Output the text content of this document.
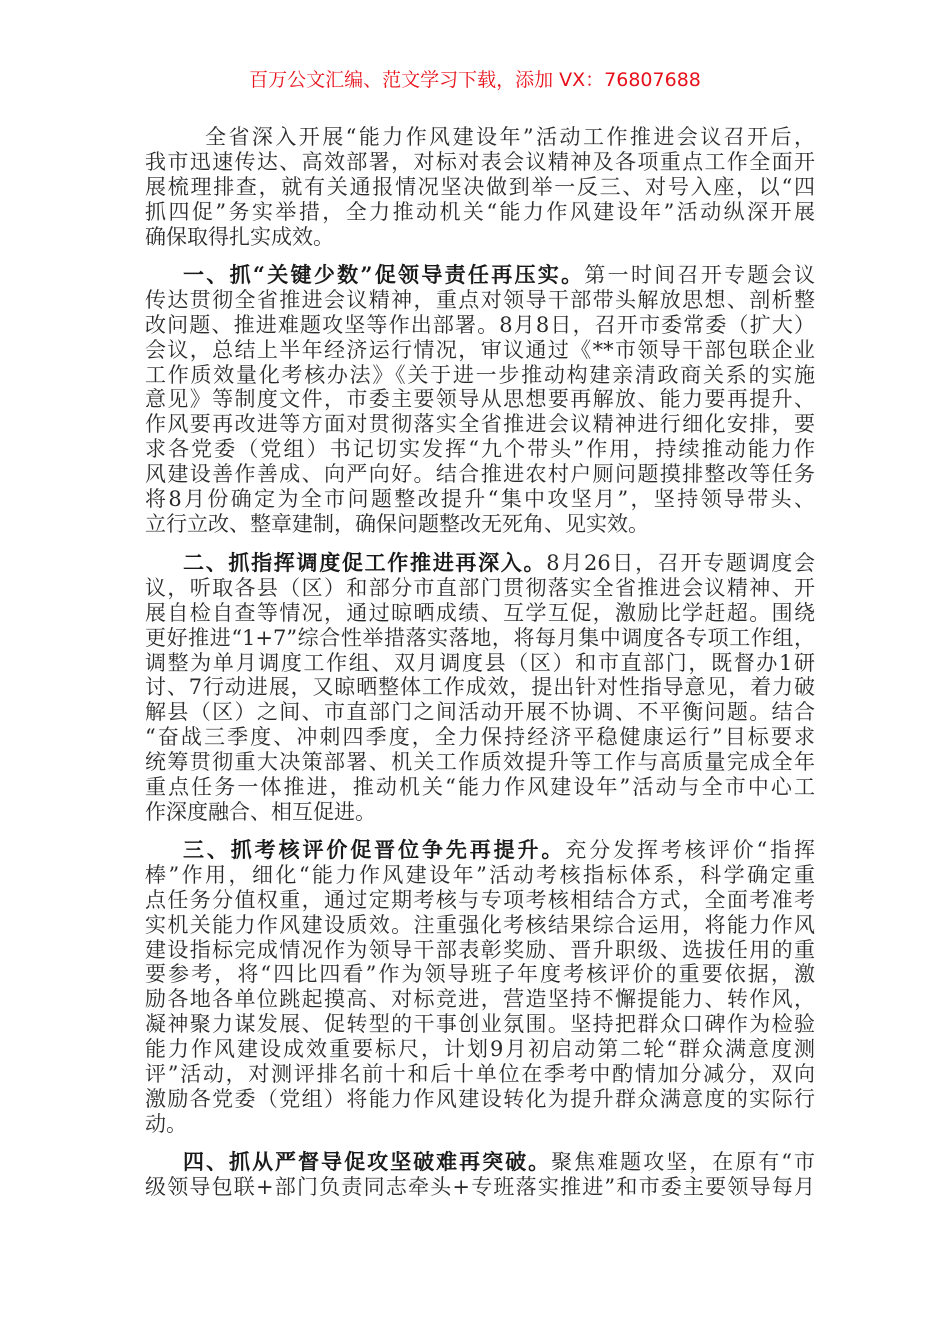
百万公文汇编、范文学习下载，添加 VX：76807688
全省深入开展“能力作风建设年”活动工作推进会议召开后，
我市迅速传达、高效部署，对标对表会议精神及各项重点工作全面开
展梳理排查，就有关通报情况坚决做到举一反三、对号入座，以“四
抓四促”务实举措，全力推动机关“能力作风建设年”活动纵深开展
确保取得扎实成效。
一、抓“关键少数”促领导责任再压实。第一时间召开专题会议
传达贯彻全省推进会议精神，重点对领导干部带头解放思想、剖析整
改问题、推进难题攻坚等作出部署。8月8日，召开市委常委（扩大）
会议，总结上半年经济运行情况，审议通过《**市领导干部包联企业
工作质效量化考核办法》《关于进一步推动构建亲清政商关系的实施
意见》等制度文件，市委主要领导从思想要再解放、能力要再提升、
作风要再改进等方面对贯彻落实全省推进会议精神进行细化安排，要
求各党委（党组）书记切实发挥“九个带头”作用，持续推动能力作
风建设善作善成、向严向好。结合推进农村户厕问题摸排整改等任务
将8月份确定为全市问题整改提升“集中攻坚月”，坚持领导带头、
立行立改、整章建制，确保问题整改无死角、见实效。
二、抓指挥调度促工作推进再深入。8月26日，召开专题调度会
议，听取各县（区）和部分市直部门贯彻落实全省推进会议精神、开
展自检自查等情况，通过晾晒成绩、互学互促，激励比学赶超。围绕
更好推进“1+7”综合性举措落实落地，将每月集中调度各专项工作组，
调整为单月调度工作组、双月调度县（区）和市直部门，既督办1研
讨、7行动进展，又晾晒整体工作成效，提出针对性指导意见，着力破
解县（区）之间、市直部门之间活动开展不协调、不平衡问题。结合
“奋战三季度、冲刺四季度，全力保持经济平稳健康运行”目标要求
统筹贯彻重大决策部署、机关工作质效提升等工作与高质量完成全年
重点任务一体推进，推动机关“能力作风建设年”活动与全市中心工
作深度融合、相互促进。
三、抓考核评价促晋位争先再提升。充分发挥考核评价“指挥
棒”作用，细化“能力作风建设年”活动考核指标体系，科学确定重
点任务分值权重，通过定期考核与专项考核相结合方式，全面考准考
实机关能力作风建设质效。注重强化考核结果综合运用，将能力作风
建设指标完成情况作为领导干部表彰奖励、晋升职级、选拔任用的重
要参考，将“四比四看”作为领导班子年度考核评价的重要依据，激
励各地各单位跳起摸高、对标竞进，营造坚持不懈提能力、转作风，
凝神聚力谋发展、促转型的干事创业氛围。坚持把群众口碑作为检验
能力作风建设成效重要标尺，计划9月初启动第二轮“群众满意度测
评”活动，对测评排名前十和后十单位在季考中酌情加分减分，双向
激励各党委（党组）将能力作风建设转化为提升群众满意度的实际行
动。
四、抓从严督导促攻坚破难再突破。聚焦难题攻坚，在原有“市
级领导包联+部门负责同志牵头+专班落实推进”和市委主要领导每月
